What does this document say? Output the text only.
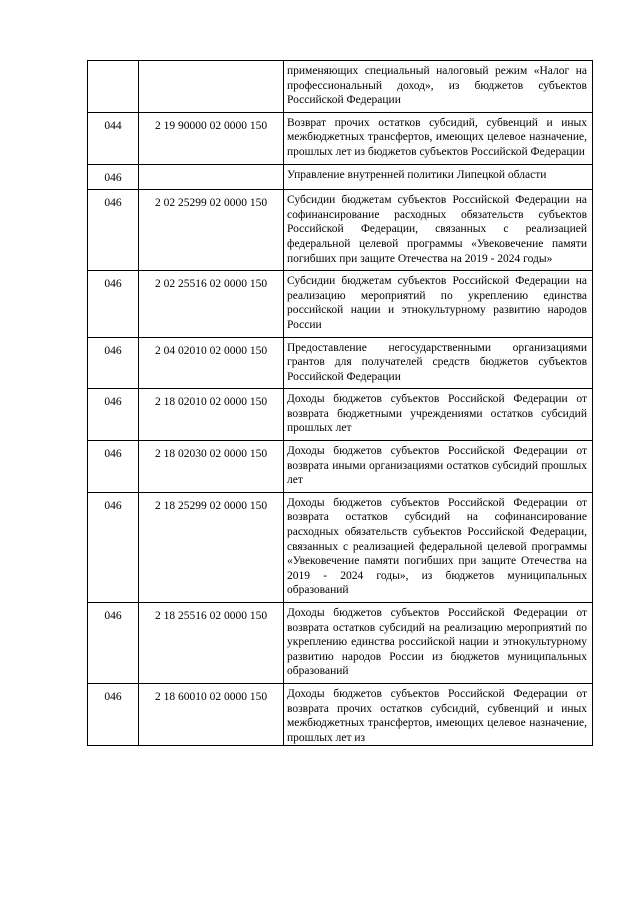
		применяющих специальный налоговый режим «Налог на профессиональный доход», из бюджетов субъектов Российской Федерации
044	2 19 90000 02 0000 150	Возврат прочих остатков субсидий, субвенций и иных межбюджетных трансфертов, имеющих целевое назначение, прошлых лет из бюджетов субъектов Российской Федерации
046		Управление внутренней политики Липецкой области
046	2 02 25299 02 0000 150	Субсидии бюджетам субъектов Российской Федерации на софинансирование расходных обязательств субъектов Российской Федерации, связанных с реализацией федеральной целевой программы «Увековечение памяти погибших при защите Отечества на 2019 - 2024 годы»
046	2 02 25516 02 0000 150	Субсидии бюджетам субъектов Российской Федерации на реализацию мероприятий по укреплению единства российской нации и этнокультурному развитию народов России
046	2 04 02010 02 0000 150	Предоставление негосударственными организациями грантов для получателей средств бюджетов субъектов Российской Федерации
046	2 18 02010 02 0000 150	Доходы бюджетов субъектов Российской Федерации от возврата бюджетными учреждениями остатков субсидий прошлых лет
046	2 18 02030 02 0000 150	Доходы бюджетов субъектов Российской Федерации от возврата иными организациями остатков субсидий прошлых лет
046	2 18 25299 02 0000 150	Доходы бюджетов субъектов Российской Федерации от возврата остатков субсидий на софинансирование расходных обязательств субъектов Российской Федерации, связанных с реализацией федеральной целевой программы «Увековечение памяти погибших при защите Отечества на 2019 - 2024 годы», из бюджетов муниципальных образований
046	2 18 25516 02 0000 150	Доходы бюджетов субъектов Российской Федерации от возврата остатков субсидий на реализацию мероприятий по укреплению единства российской нации и этнокультурному развитию народов России из бюджетов муниципальных образований
046	2 18 60010 02 0000 150	Доходы бюджетов субъектов Российской Федерации от возврата прочих остатков субсидий, субвенций и иных межбюджетных трансфертов, имеющих целевое назначение, прошлых лет из
